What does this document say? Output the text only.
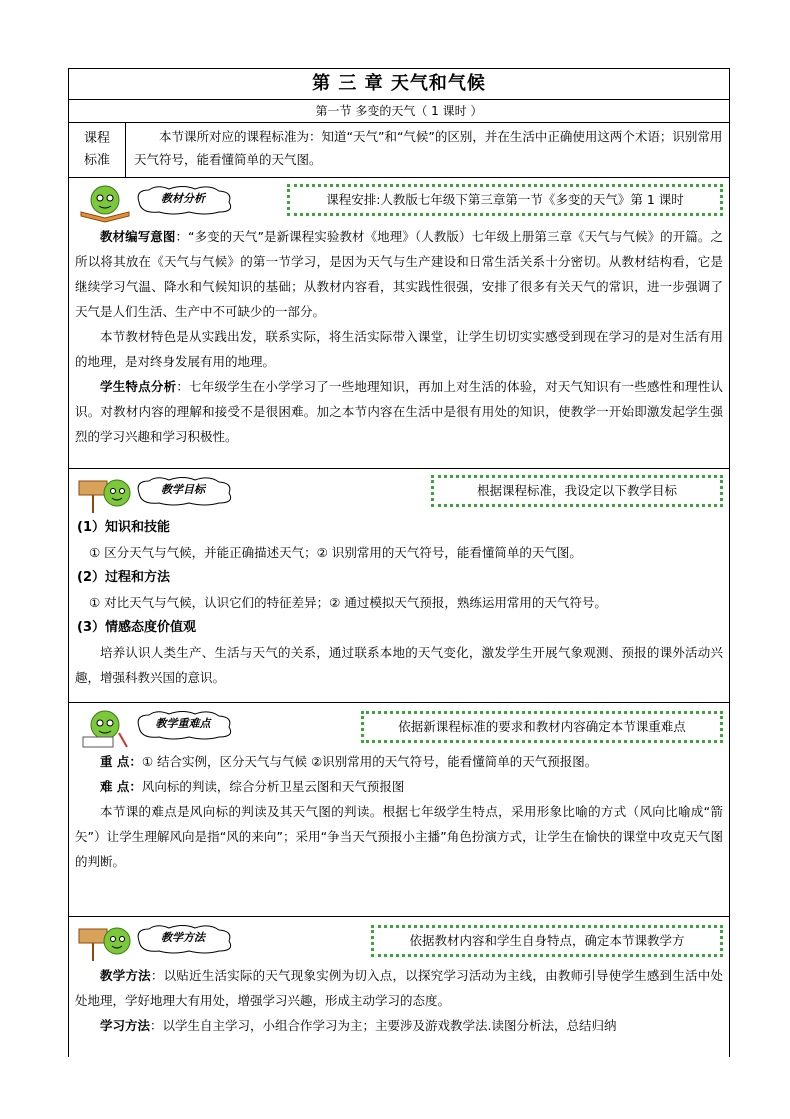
第 三 章 天气和气候
第一节 多变的天气（ 1 课时 ）
课程
标准
本节课所对应的课程标准为：知道“天气”和“气候”的区别，并在生活中正确使用这两个术语；识别常用天气符号，能看懂简单的天气图。
教材分析	课程安排:人教版七年级下第三章第一节《多变的天气》第 1 课时

教材编写意图：“多变的天气”是新课程实验教材《地理》（人教版）七年级上册第三章《天气与气候》的开篇。之所以将其放在《天气与气候》的第一节学习，是因为天气与生产建设和日常生活关系十分密切。从教材结构看，它是继续学习气温、降水和气候知识的基础；从教材内容看，其实践性很强，安排了很多有关天气的常识，进一步强调了天气是人们生活、生产中不可缺少的一部分。

本节教材特色是从实践出发，联系实际，将生活实际带入课堂，让学生切切实实感受到现在学习的是对生活有用的地理，是对终身发展有用的地理。

学生特点分析：七年级学生在小学学习了一些地理知识，再加上对生活的体验，对天气知识有一些感性和理性认识。对教材内容的理解和接受不是很困难。加之本节内容在生活中是很有用处的知识，使教学一开始即激发起学生强烈的学习兴趣和学习积极性。

教学目标	根据课程标准，我设定以下教学目标
(1）知识和技能
① 区分天气与气候，并能正确描述天气；② 识别常用的天气符号，能看懂简单的天气图。
(2）过程和方法
① 对比天气与气候，认识它们的特征差异；② 通过模拟天气预报，熟练运用常用的天气符号。
(3）情感态度价值观

培养认识人类生产、生活与天气的关系，通过联系本地的天气变化，激发学生开展气象观测、预报的课外活动兴趣，增强科教兴国的意识。

教学重难点	依据新课程标准的要求和教材内容确定本节课重难点

重 点：① 结合实例，区分天气与气候 ②识别常用的天气符号，能看懂简单的天气预报图。

难 点：风向标的判读，综合分析卫星云图和天气预报图

本节课的难点是风向标的判读及其天气图的判读。根据七年级学生特点，采用形象比喻的方式（风向比喻成“箭矢”）让学生理解风向是指“风的来向”；采用“争当天气预报小主播”角色扮演方式，让学生在愉快的课堂中攻克天气图的判断。

教学方法	依据教材内容和学生自身特点，确定本节课教学方

教学方法：以贴近生活实际的天气现象实例为切入点，以探究学习活动为主线，由教师引导使学生感到生活中处处地理，学好地理大有用处，增强学习兴趣，形成主动学习的态度。

学习方法：以学生自主学习，小组合作学习为主；主要涉及游戏教学法.读图分析法，总结归纳
